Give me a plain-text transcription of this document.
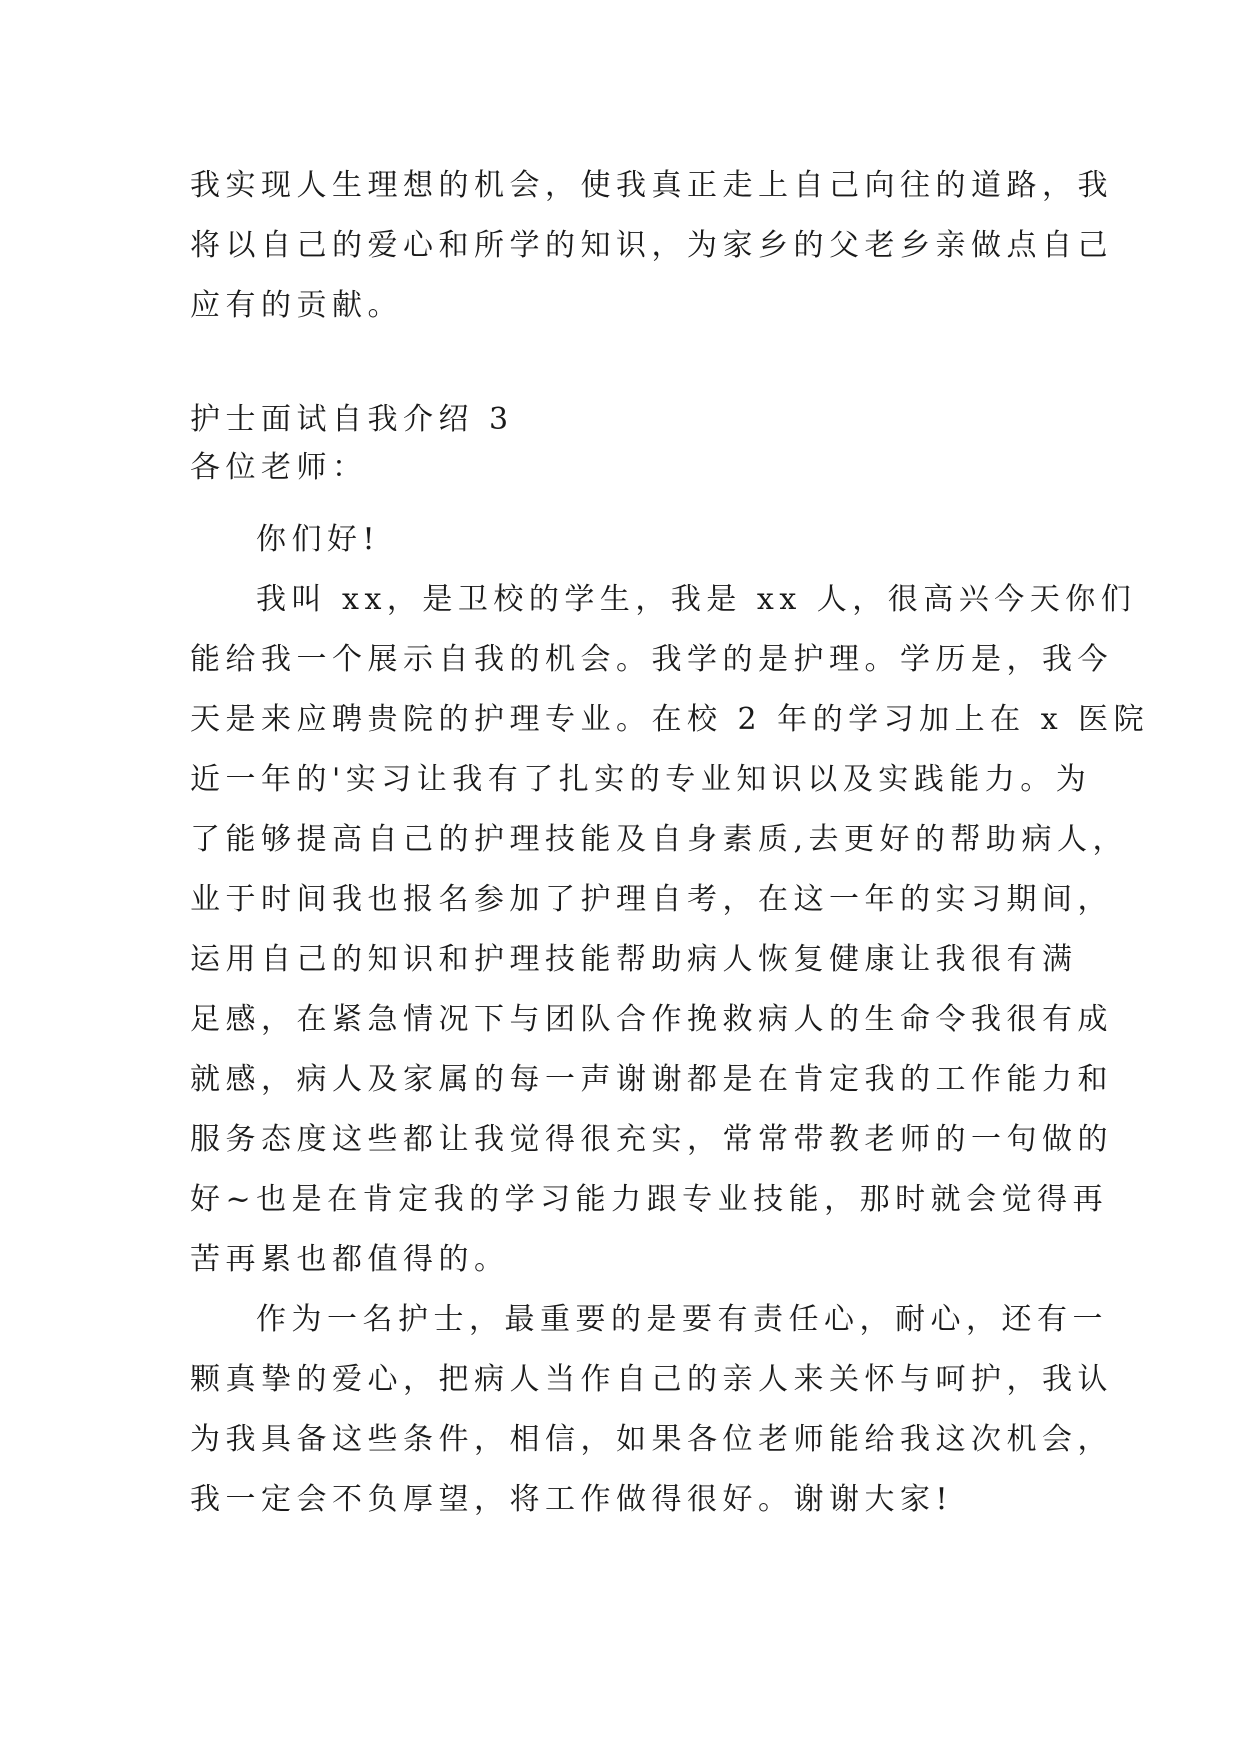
我实现人生理想的机会，使我真正走上自己向往的道路，我
将以自己的爱心和所学的知识，为家乡的父老乡亲做点自己
应有的贡献。
护士面试自我介绍 3
各位老师：
你们好!
我叫 xx，是卫校的学生，我是 xx 人，很高兴今天你们
能给我一个展示自我的机会。我学的是护理。学历是，我今
天是来应聘贵院的护理专业。在校 2 年的学习加上在 x 医院
近一年的'实习让我有了扎实的专业知识以及实践能力。为
了能够提高自己的护理技能及自身素质,去更好的帮助病人，
业于时间我也报名参加了护理自考，在这一年的实习期间，
运用自己的知识和护理技能帮助病人恢复健康让我很有满
足感，在紧急情况下与团队合作挽救病人的生命令我很有成
就感，病人及家属的每一声谢谢都是在肯定我的工作能力和
服务态度这些都让我觉得很充实，常常带教老师的一句做的
好~也是在肯定我的学习能力跟专业技能，那时就会觉得再
苦再累也都值得的。
作为一名护士，最重要的是要有责任心，耐心，还有一
颗真挚的爱心，把病人当作自己的亲人来关怀与呵护，我认
为我具备这些条件，相信，如果各位老师能给我这次机会，
我一定会不负厚望，将工作做得很好。谢谢大家!
